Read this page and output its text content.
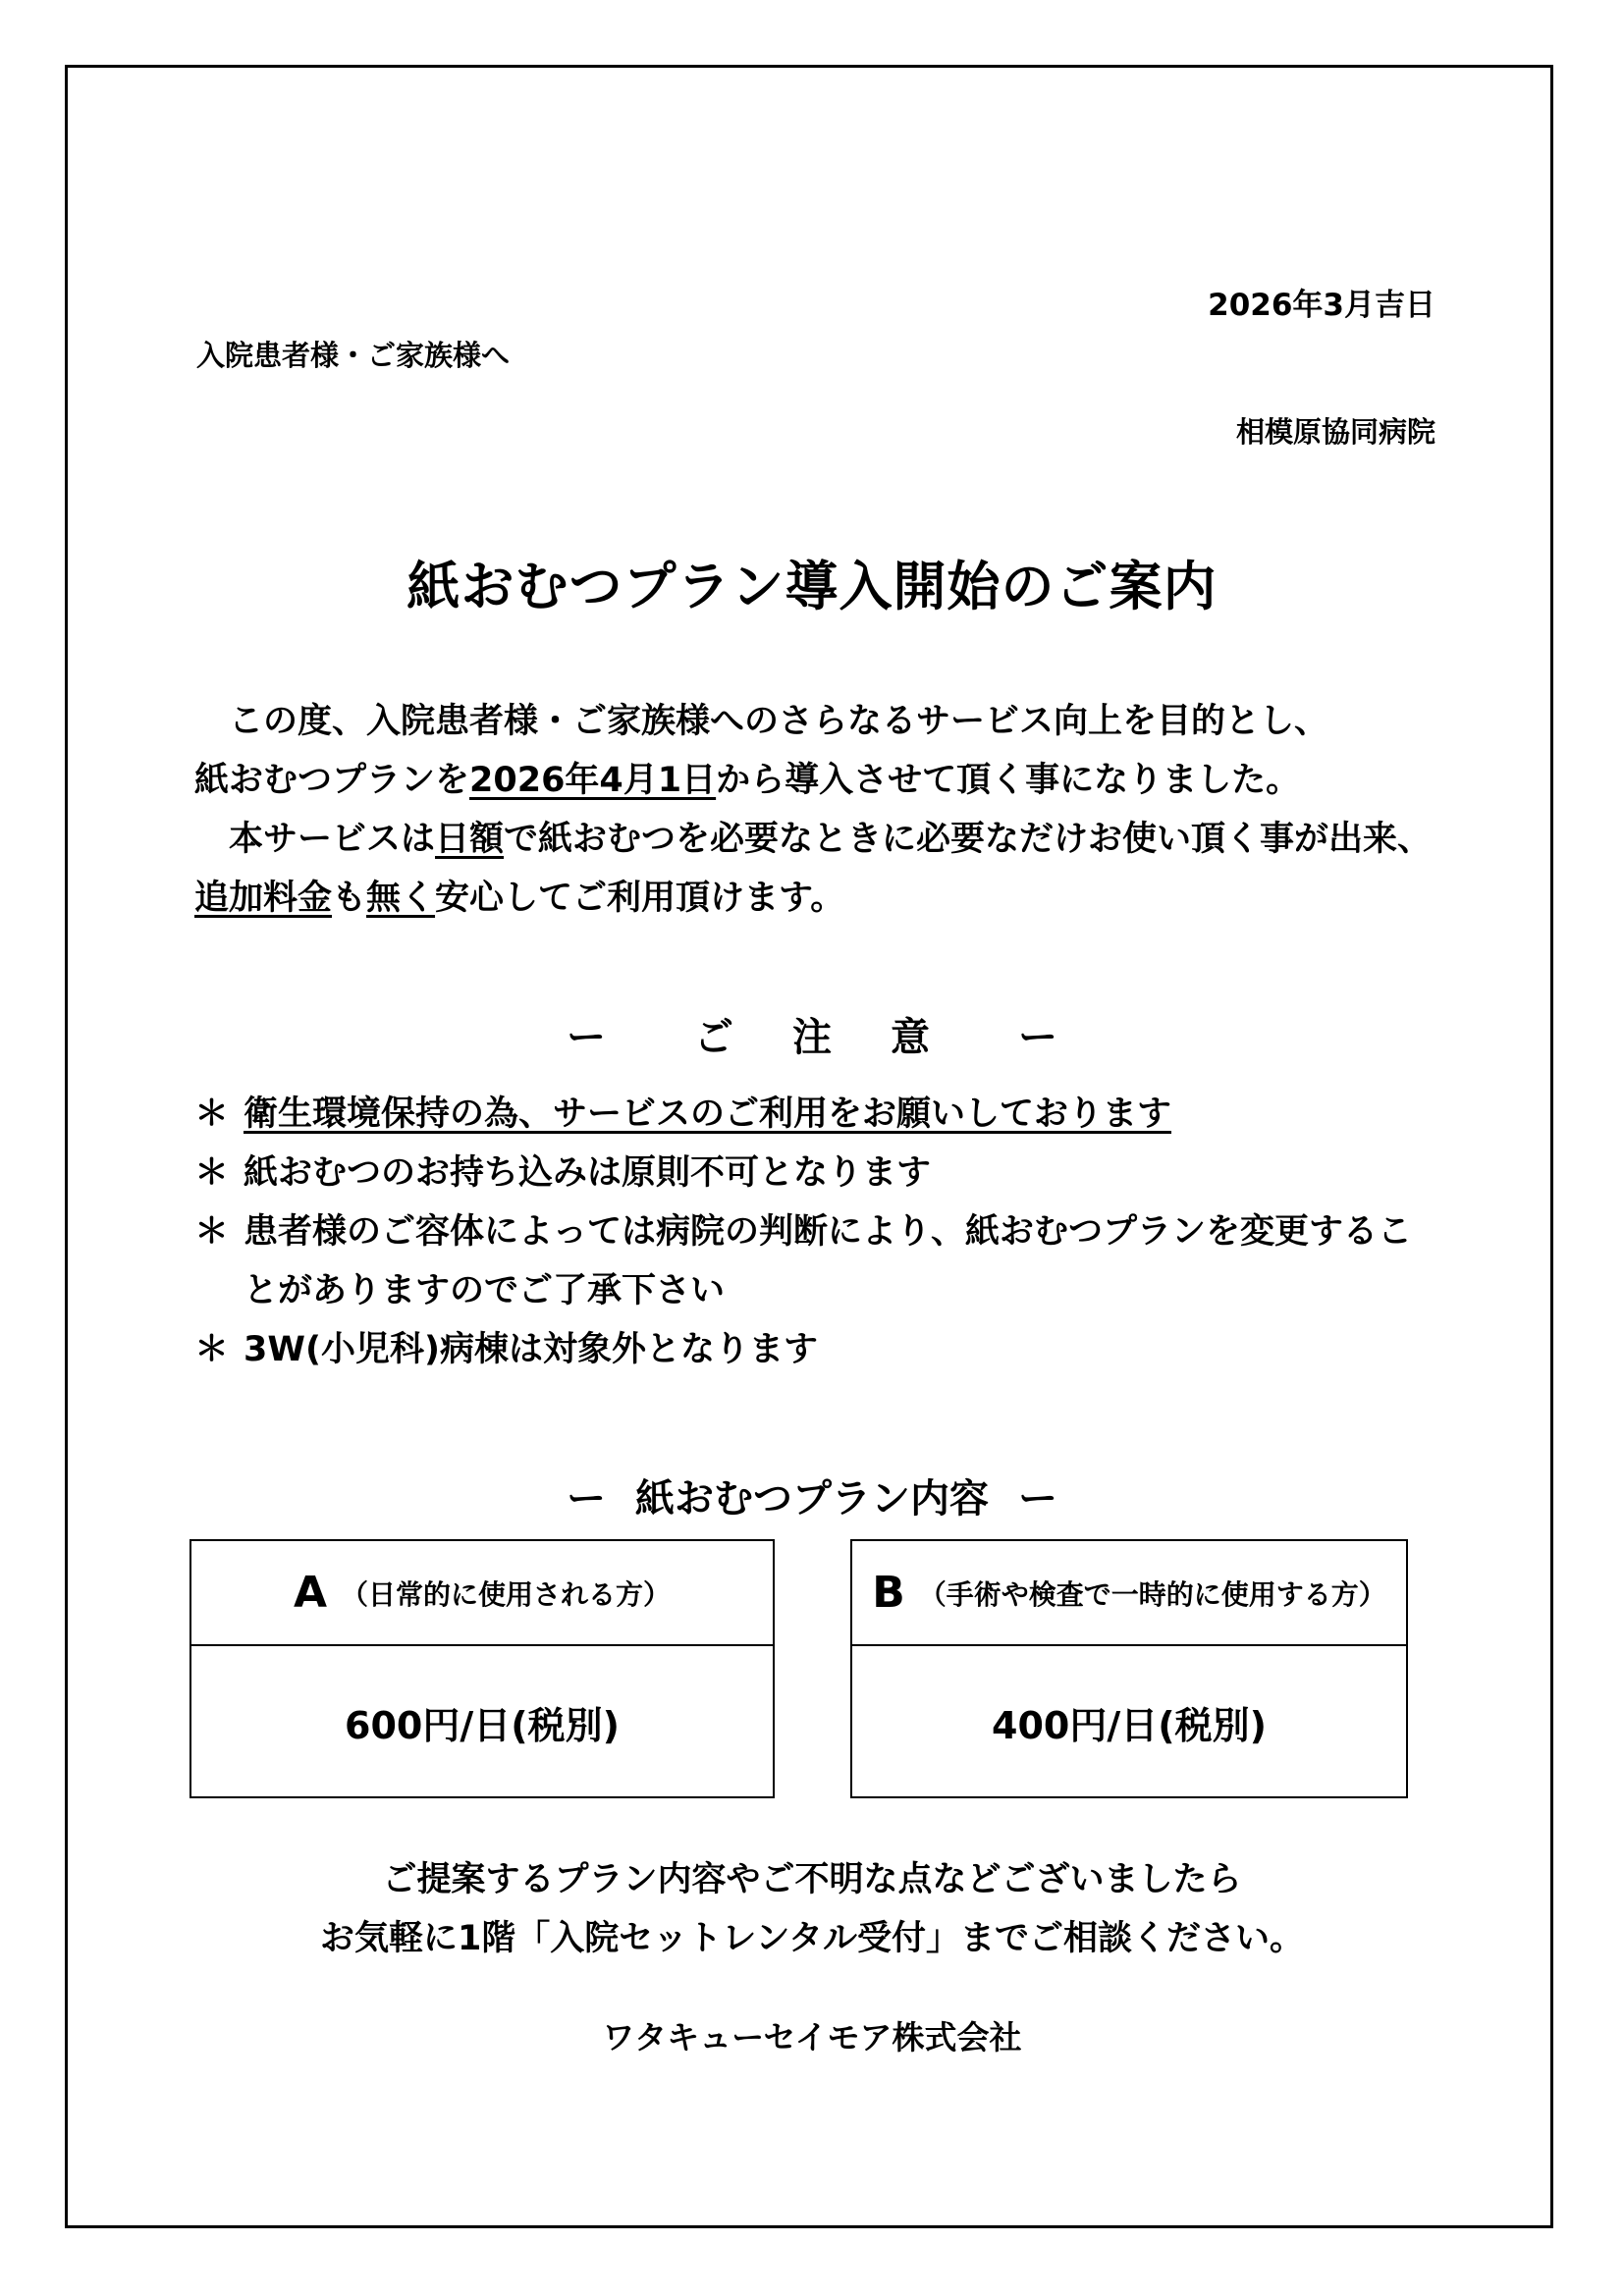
2026年3月吉日
入院患者様・ご家族様へ
相模原協同病院
紙おむつプラン導入開始のご案内

　この度、入院患者様・ご家族様へのさらなるサービス向上を目的とし、

紙おむつプランを2026年4月1日から導入させて頂く事になりました。

　本サービスは日額で紙おむつを必要なときに必要なだけお使い頂く事が出来、

追加料金も無く安心してご利用頂けます。

ー ご 注 意 ー
＊ 衛生環境保持の為、サービスのご利用をお願いしております
＊ 紙おむつのお持ち込みは原則不可となります
＊ 患者様のご容体によっては病院の判断により、紙おむつプランを変更するこ
とがありますのでご了承下さい
＊ 3W(小児科)病棟は対象外となります
ー 紙おむつプラン内容 ー
A （日常的に使用される方）
600円/日(税別)
B （手術や検査で一時的に使用する方）
400円/日(税別)

ご提案するプラン内容やご不明な点などございましたら

お気軽に1階「入院セットレンタル受付」までご相談ください。

ワタキューセイモア株式会社
